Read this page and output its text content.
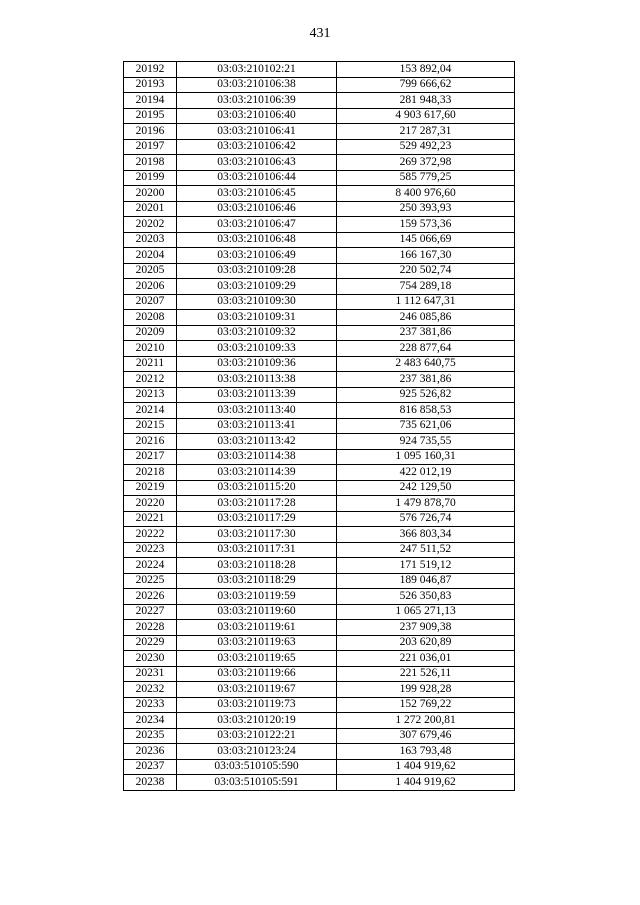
431
20192	03:03:210102:21	153 892,04
20193	03:03:210106:38	799 666,62
20194	03:03:210106:39	281 948,33
20195	03:03:210106:40	4 903 617,60
20196	03:03:210106:41	217 287,31
20197	03:03:210106:42	529 492,23
20198	03:03:210106:43	269 372,98
20199	03:03:210106:44	585 779,25
20200	03:03:210106:45	8 400 976,60
20201	03:03:210106:46	250 393,93
20202	03:03:210106:47	159 573,36
20203	03:03:210106:48	145 066,69
20204	03:03:210106:49	166 167,30
20205	03:03:210109:28	220 502,74
20206	03:03:210109:29	754 289,18
20207	03:03:210109:30	1 112 647,31
20208	03:03:210109:31	246 085,86
20209	03:03:210109:32	237 381,86
20210	03:03:210109:33	228 877,64
20211	03:03:210109:36	2 483 640,75
20212	03:03:210113:38	237 381,86
20213	03:03:210113:39	925 526,82
20214	03:03:210113:40	816 858,53
20215	03:03:210113:41	735 621,06
20216	03:03:210113:42	924 735,55
20217	03:03:210114:38	1 095 160,31
20218	03:03:210114:39	422 012,19
20219	03:03:210115:20	242 129,50
20220	03:03:210117:28	1 479 878,70
20221	03:03:210117:29	576 726,74
20222	03:03:210117:30	366 803,34
20223	03:03:210117:31	247 511,52
20224	03:03:210118:28	171 519,12
20225	03:03:210118:29	189 046,87
20226	03:03:210119:59	526 350,83
20227	03:03:210119:60	1 065 271,13
20228	03:03:210119:61	237 909,38
20229	03:03:210119:63	203 620,89
20230	03:03:210119:65	221 036,01
20231	03:03:210119:66	221 526,11
20232	03:03:210119:67	199 928,28
20233	03:03:210119:73	152 769,22
20234	03:03:210120:19	1 272 200,81
20235	03:03:210122:21	307 679,46
20236	03:03:210123:24	163 793,48
20237	03:03:510105:590	1 404 919,62
20238	03:03:510105:591	1 404 919,62
